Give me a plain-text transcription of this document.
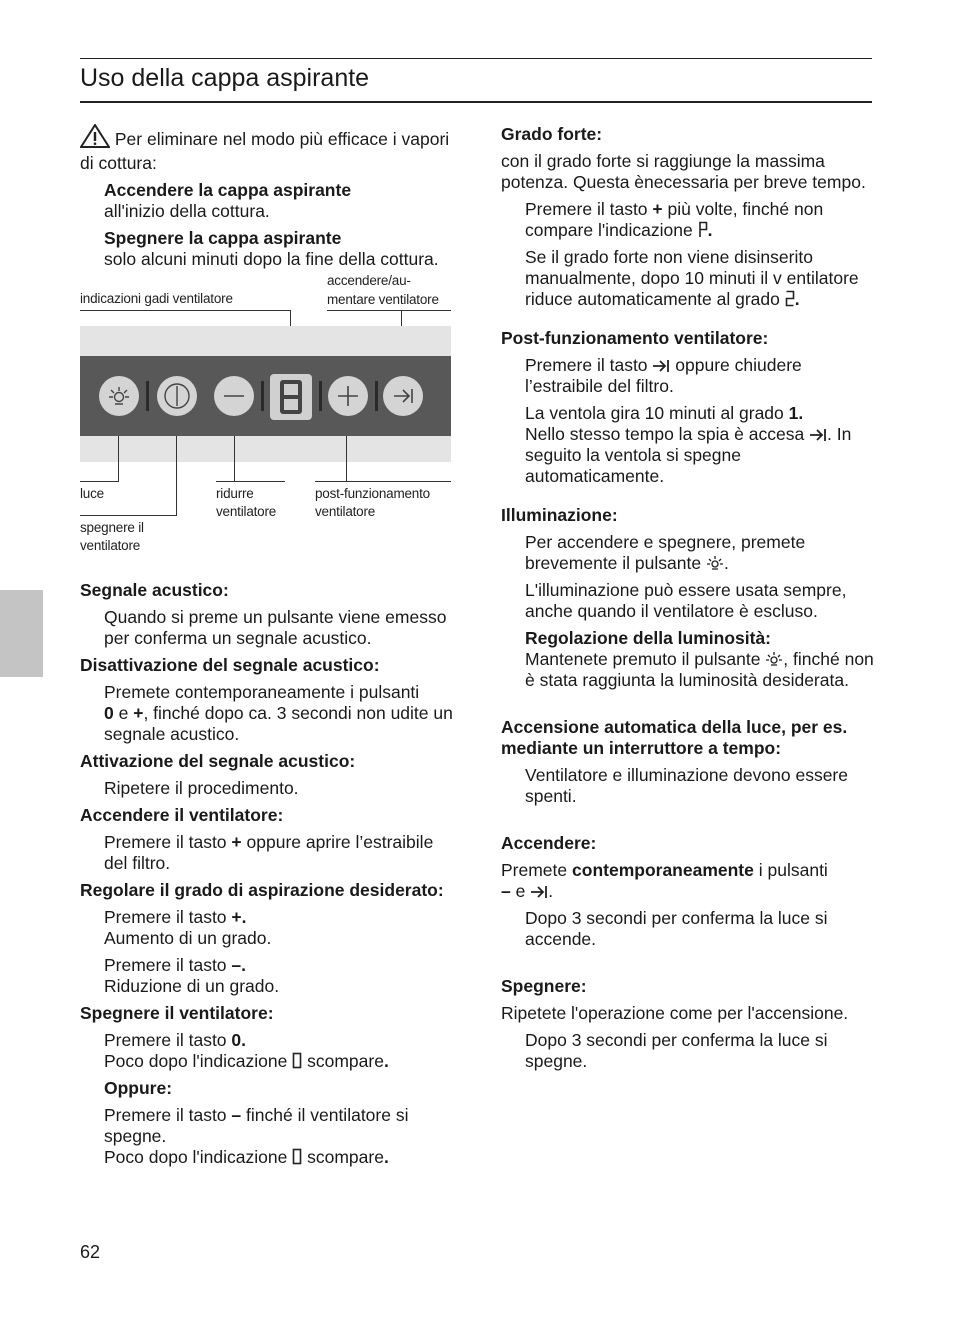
Uso della cappa aspirante

Per eliminare nel modo più efficace i vapori di cottura:

Accendere la cappa aspirante
all'inizio della cottura.

Spegnere la cappa aspirante
solo alcuni minuti dopo la fine della cottura.

indicazioni gadi ventilatore
accendere/au-
mentare ventilatore
luce	ridurre
ventilatore
post-funzionamento
ventilatore
spegnere il
ventilatore

Segnale acustico:

Quando si preme un pulsante viene emesso per conferma un segnale acustico.

Disattivazione del segnale acustico:

Premete contemporaneamente i pulsanti
0 e +, finché dopo ca. 3 secondi non udite un segnale acustico.

Attivazione del segnale acustico:

Ripetere il procedimento.

Accendere il ventilatore:

Premere il tasto + oppure aprire l’estraibile del filtro.

Regolare il grado di aspirazione desiderato:

Premere il tasto +.
Aumento di un grado.

Premere il tasto –.
Riduzione di un grado.

Spegnere il ventilatore:

Premere il tasto 0.
Poco dopo l'indicazione scompare.

Oppure:

Premere il tasto – finché il ventilatore si spegne.
Poco dopo l'indicazione scompare.

Grado forte:

con il grado forte si raggiunge la massima potenza. Questa ènecessaria per breve tempo.

Premere il tasto + più volte, finché non compare l'indicazione .

Se il grado forte non viene disinserito manualmente, dopo 10 minuti il v entilatore riduce automaticamente al grado .

Post-funzionamento ventilatore:

Premere il tasto oppure chiudere l’estraibile del filtro.

La ventola gira 10 minuti al grado 1.
Nello stesso tempo la spia è accesa . In seguito la ventola si spegne automaticamente.

Illuminazione:

Per accendere e spegnere, premete brevemente il pulsante .

L'illuminazione può essere usata sempre, anche quando il ventilatore è escluso.

Regolazione della luminosità:
Mantenete premuto il pulsante , finché non è stata raggiunta la luminosità desiderata.

Accensione automatica della luce, per es. mediante un interruttore a tempo:

Ventilatore e illuminazione devono essere spenti.

Accendere:

Premete contemporaneamente i pulsanti
– e .

Dopo 3 secondi per conferma la luce si accende.

Spegnere:

Ripetete l'operazione come per l'accensione.

Dopo 3 secondi per conferma la luce si spegne.

62
